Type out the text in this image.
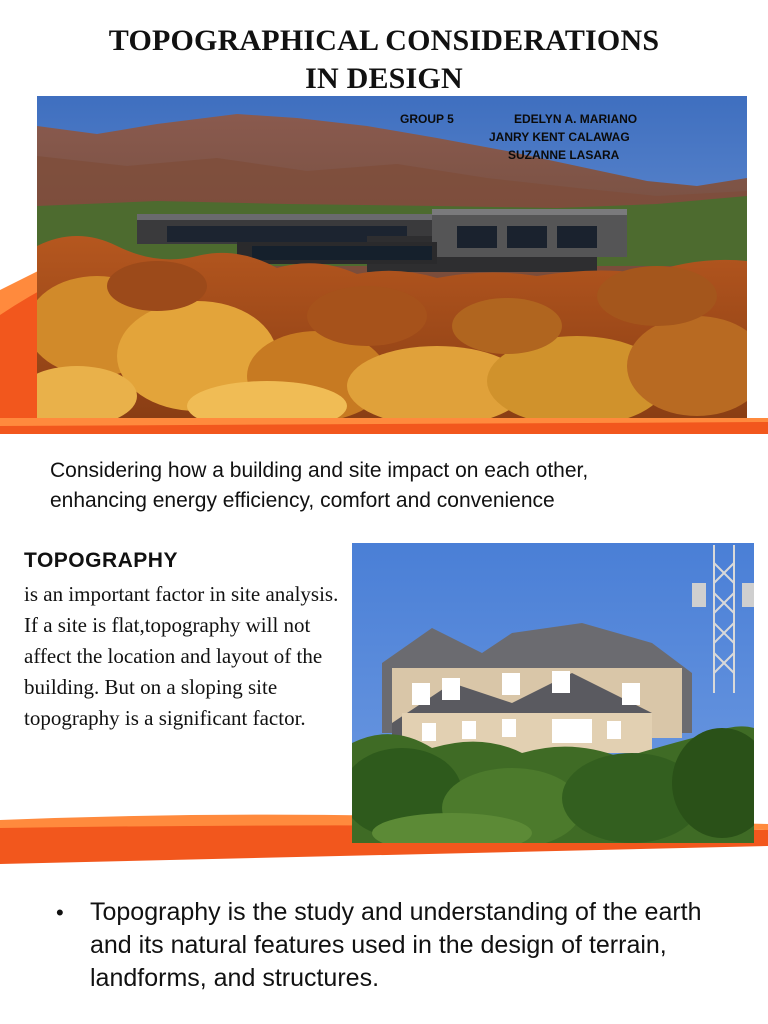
TOPOGRAPHICAL CONSIDERATIONS
IN DESIGN
GROUP 5	EDELYN A. MARIANO
JANRY KENT CALAWAG
SUZANNE LASARA
Considering how a building and site impact on each other,
enhancing energy efficiency, comfort and convenience
TOPOGRAPHY
is an important factor in site analysis. If a site is flat,topography will not affect the location and layout of the building. But on a sloping site topography is a significant factor.
•	Topography is the study and understanding of the earth and its natural features used in the design of terrain, landforms, and structures.
